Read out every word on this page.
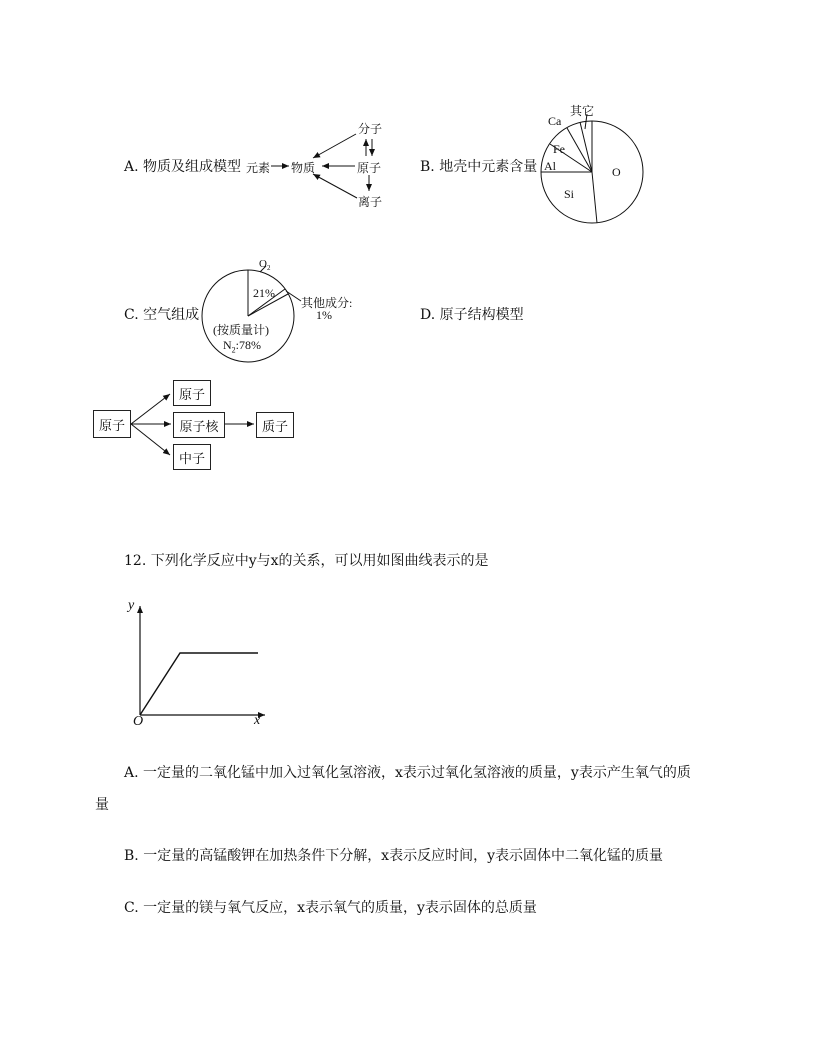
A. 物质及组成模型 元素 物质
分子
原子
离子
B. 地壳中元素含量	O
Si
Al
Fe
Ca
其它
C. 空气组成
$O_2$
21%
其他成分:
1%
(按质量计)
$N_2:78\%$
D. 原子结构模型
原子
原子
原子核	质子
中子
12. 下列化学反应中y与x的关系，可以用如图曲线表示的是
y
x
O
A. 一定量的二氧化锰中加入过氧化氢溶液，x表示过氧化氢溶液的质量，y表示产生氧气的质
量
B. 一定量的高锰酸钾在加热条件下分解，x表示反应时间，y表示固体中二氧化锰的质量
C. 一定量的镁与氧气反应，x表示氧气的质量，y表示固体的总质量
